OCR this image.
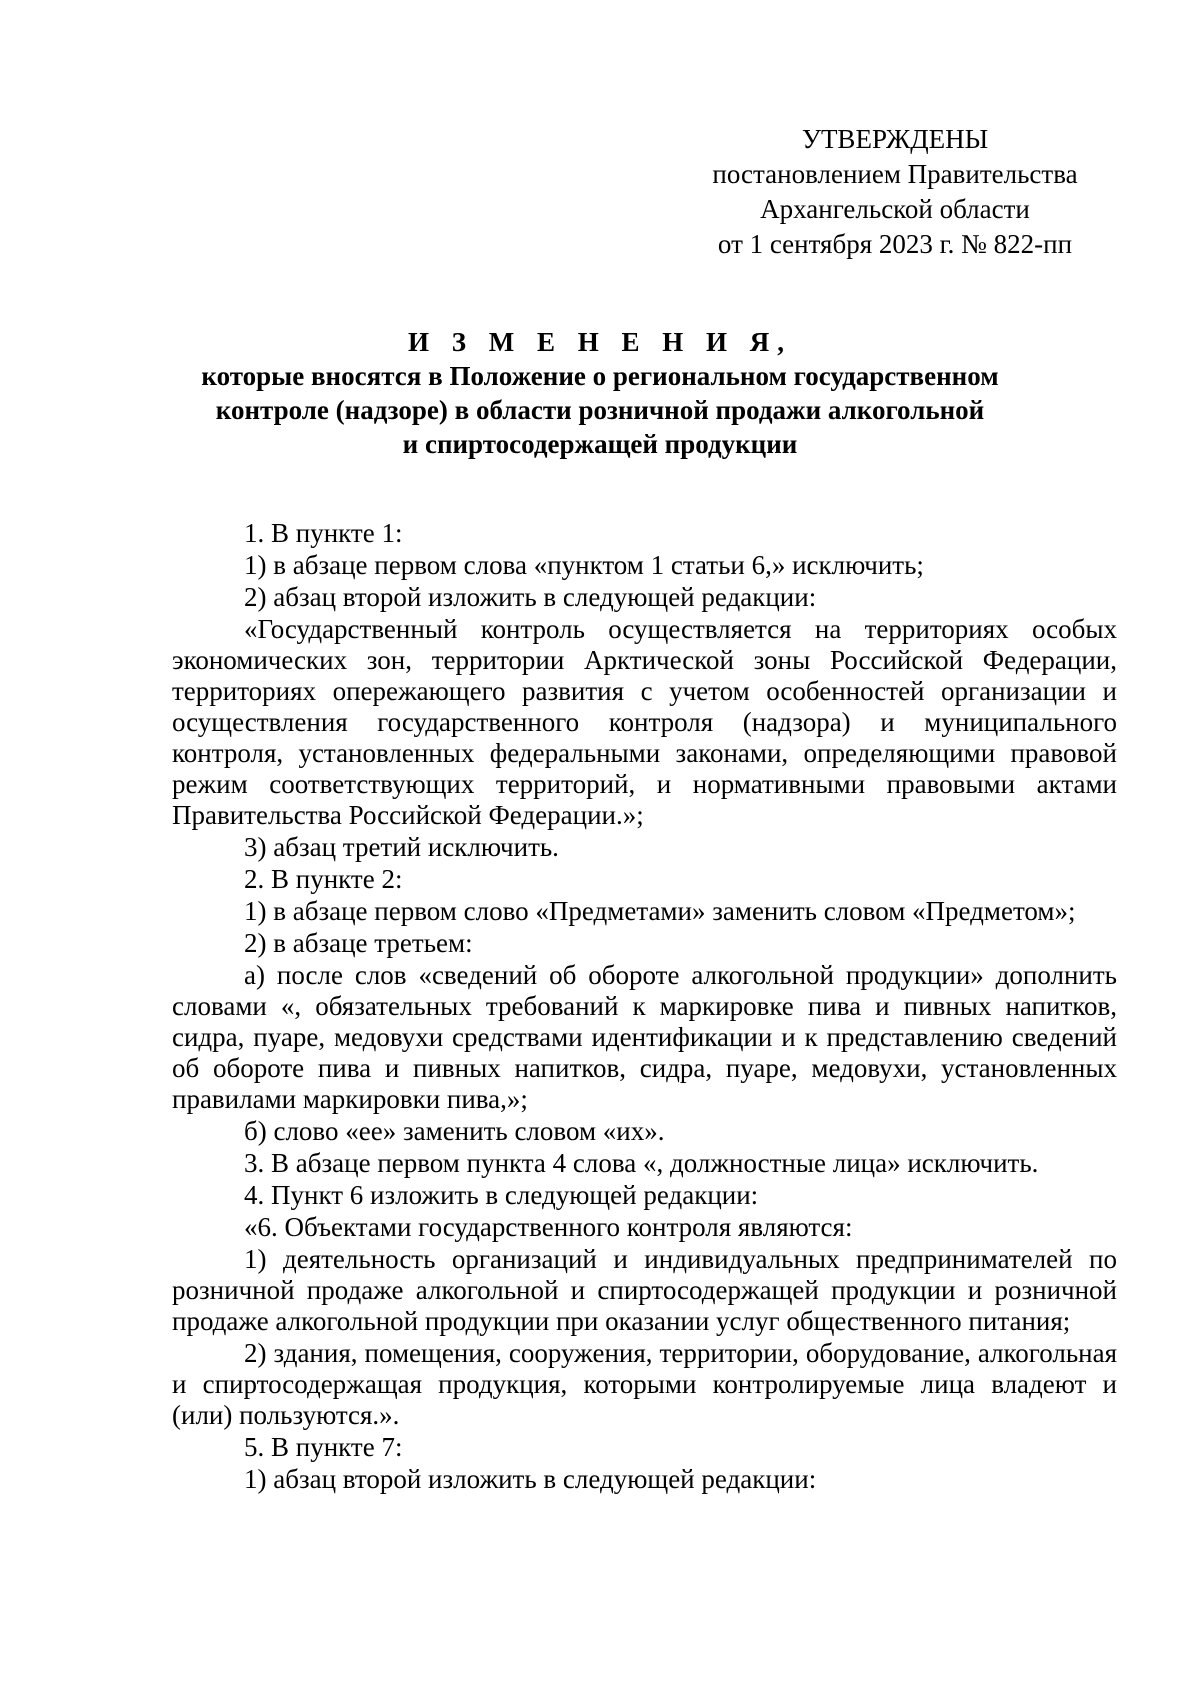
УТВЕРЖДЕНЫ
постановлением Правительства
Архангельской области
от 1 сентября 2023 г. № 822-пп
И З М Е Н Е Н И Я,
которые вносятся в Положение о региональном государственном
контроле (надзоре) в области розничной продажи алкогольной
и спиртосодержащей продукции

1. В пункте 1:

1) в абзаце первом слова «пунктом 1 статьи 6,» исключить;

2) абзац второй изложить в следующей редакции:

«Государственный контроль осуществляется на территориях особых экономических зон, территории Арктической зоны Российской Федерации, территориях опережающего развития с учетом особенностей организации и осуществления государственного контроля (надзора) и муниципального контроля, установленных федеральными законами, определяющими правовой режим соответствующих территорий, и нормативными правовыми актами Правительства Российской Федерации.»;

3) абзац третий исключить.

2. В пункте 2:

1) в абзаце первом слово «Предметами» заменить словом «Предметом»;

2) в абзаце третьем:

а) после слов «сведений об обороте алкогольной продукции» дополнить словами «, обязательных требований к маркировке пива и пивных напитков, сидра, пуаре, медовухи средствами идентификации и к представлению сведений об обороте пива и пивных напитков, сидра, пуаре, медовухи, установленных правилами маркировки пива,»;

б) слово «ее» заменить словом «их».

3. В абзаце первом пункта 4 слова «, должностные лица» исключить.

4. Пункт 6 изложить в следующей редакции:

«6. Объектами государственного контроля являются:

1) деятельность организаций и индивидуальных предпринимателей по розничной продаже алкогольной и спиртосодержащей продукции и розничной продаже алкогольной продукции при оказании услуг общественного питания;

2) здания, помещения, сооружения, территории, оборудование, алкогольная и спиртосодержащая продукция, которыми контролируемые лица владеют и (или) пользуются.».

5. В пункте 7:

1) абзац второй изложить в следующей редакции:
